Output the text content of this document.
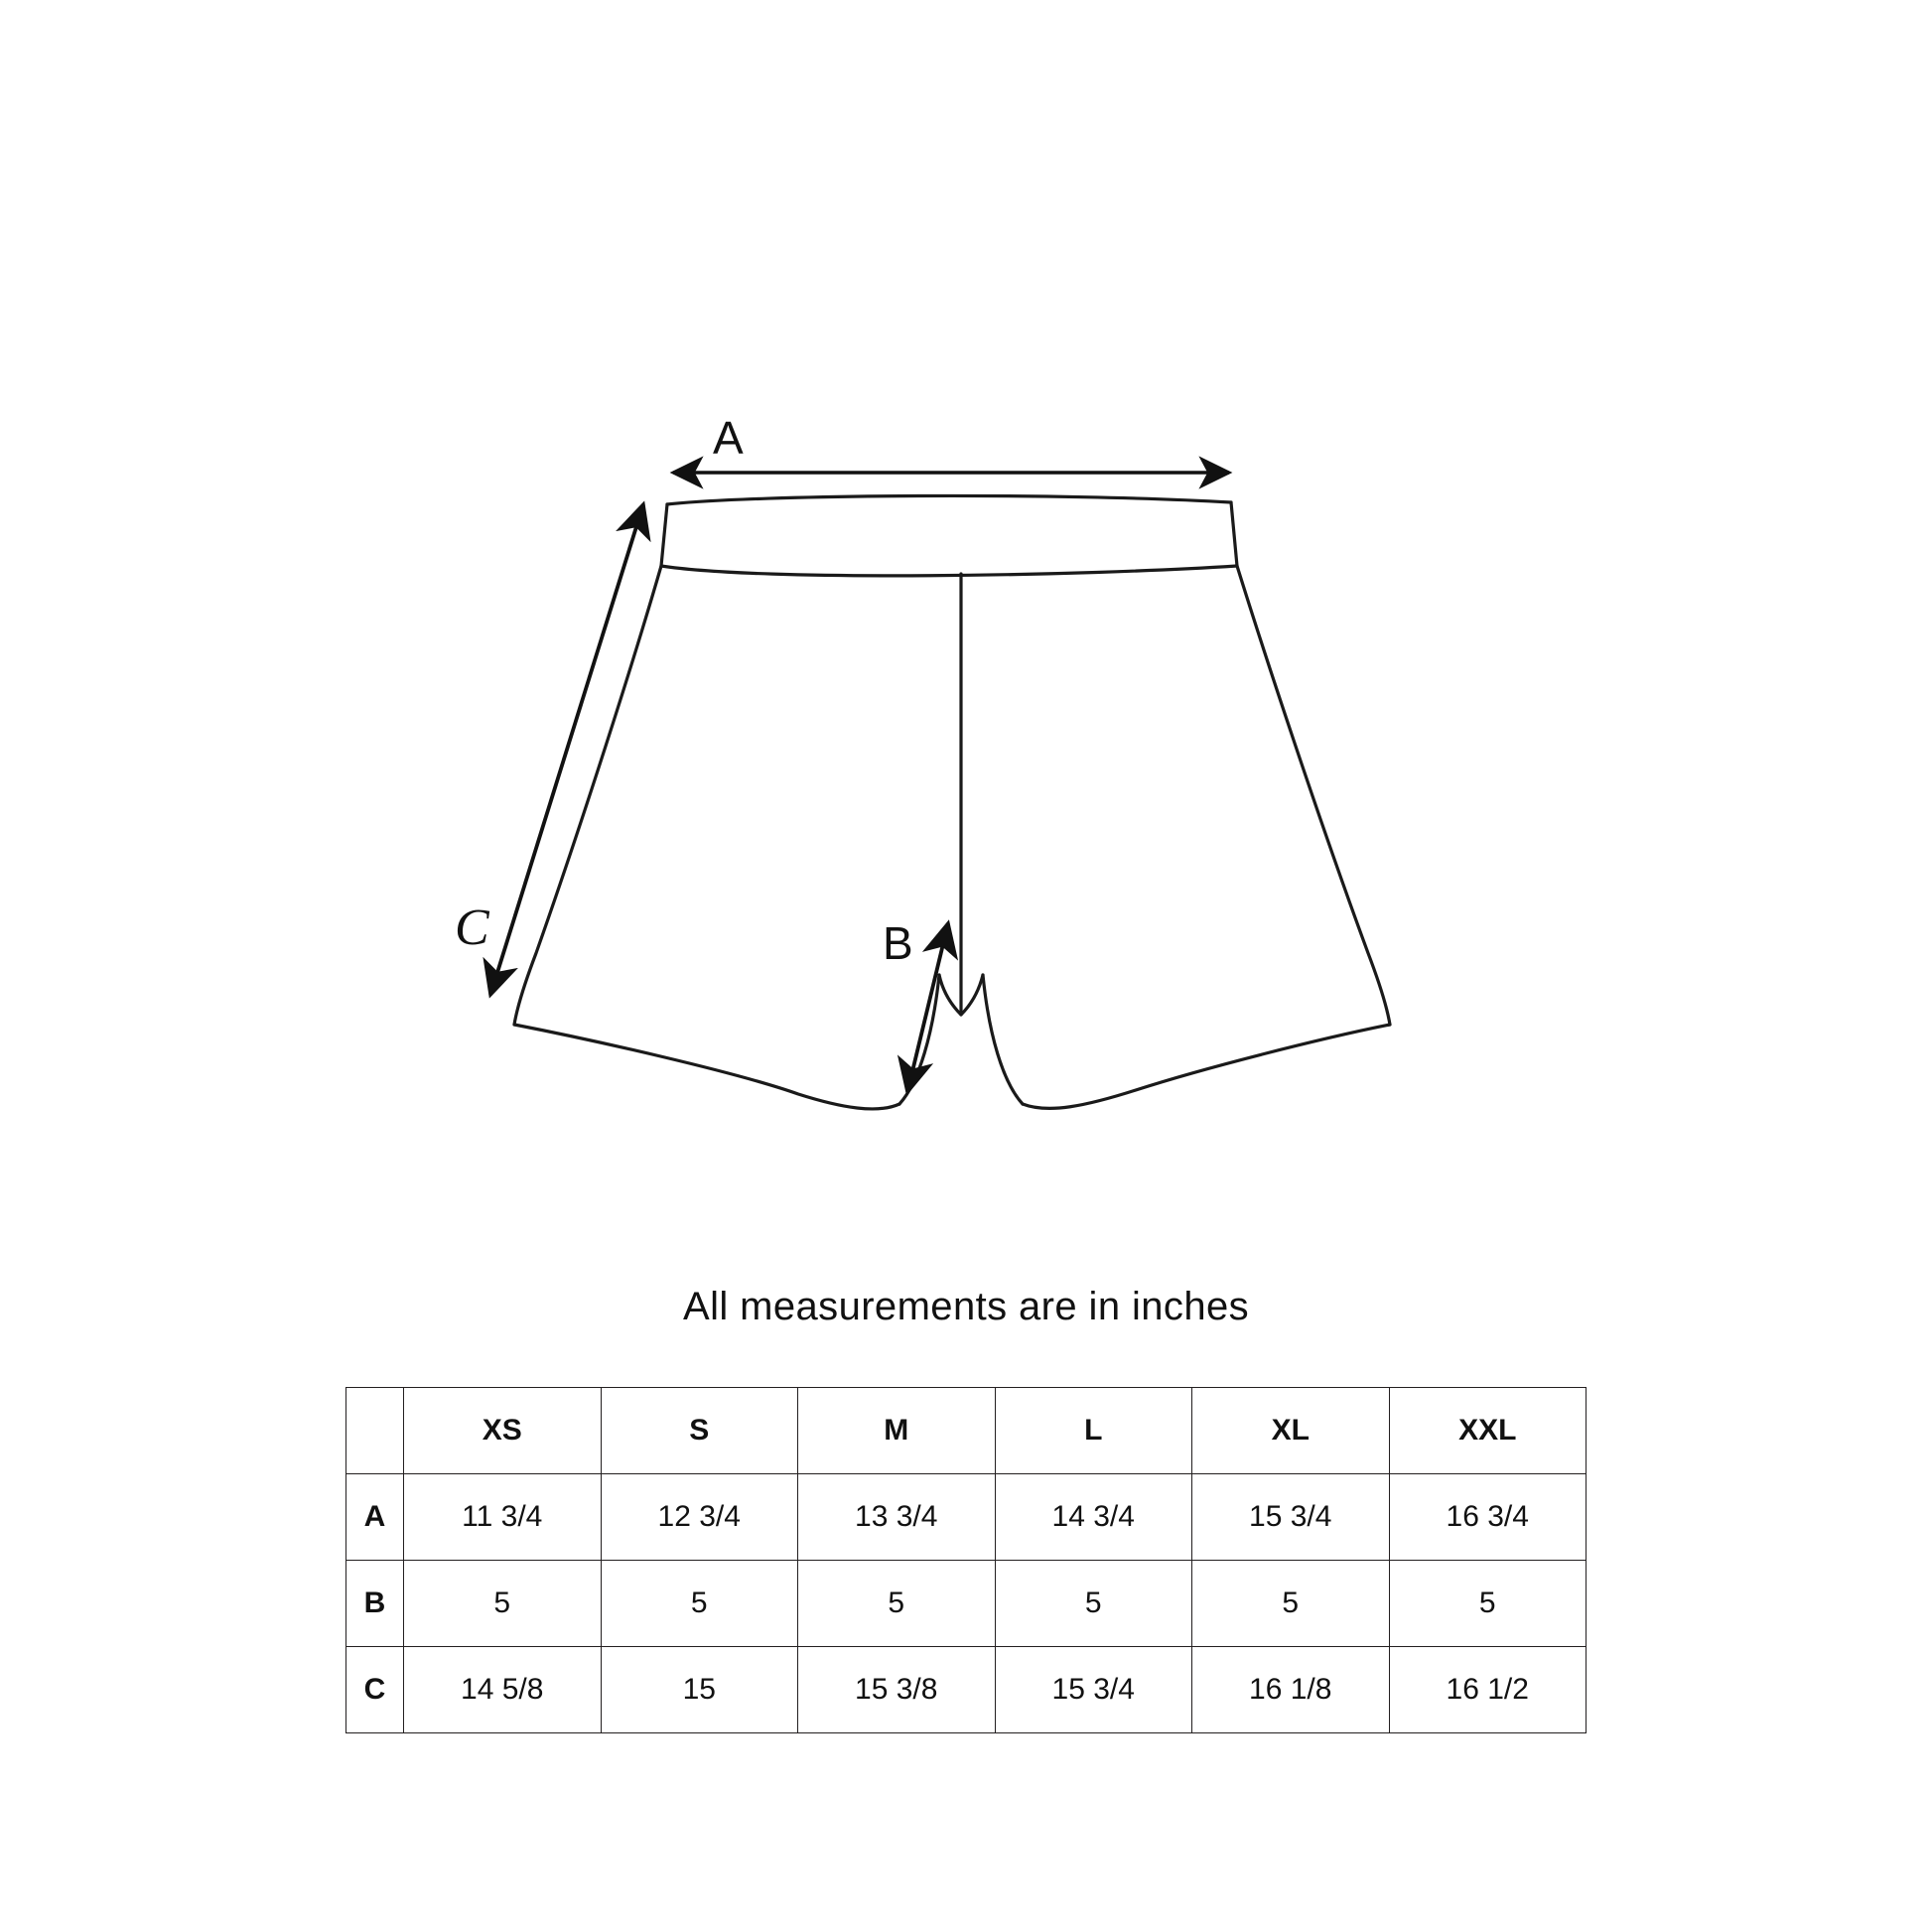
A
B
C
All measurements are in inches
	XS	S	M	L	XL	XXL
A	11 3/4	12 3/4	13 3/4	14 3/4	15 3/4	16 3/4
B	5	5	5	5	5	5
C	14 5/8	15	15 3/8	15 3/4	16 1/8	16 1/2
